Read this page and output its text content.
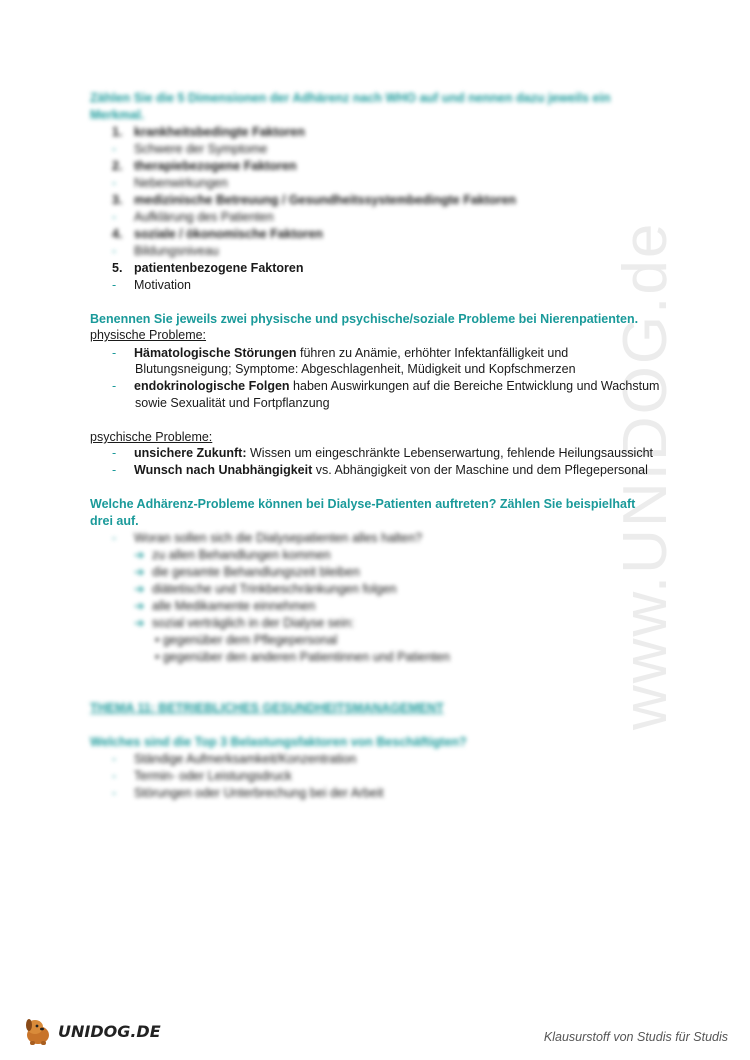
www.UNIDOG.de
Zählen Sie die 5 Dimensionen der Adhärenz nach WHO auf und nennen dazu jeweils ein
Merkmal.
1. krankheitsbedingte Faktoren
- Schwere der Symptome
2. therapiebezogene Faktoren
- Nebenwirkungen
3. medizinische Betreuung / Gesundheitssystembedingte Faktoren
- Aufklärung des Patienten
4. soziale / ökonomische Faktoren
- Bildungsniveau
5. patientenbezogene Faktoren
- Motivation
Benennen Sie jeweils zwei physische und psychische/soziale Probleme bei Nierenpatienten.
physische Probleme:
- Hämatologische Störungen führen zu Anämie, erhöhter Infektanfälligkeit und
Blutungsneigung; Symptome: Abgeschlagenheit, Müdigkeit und Kopfschmerzen
- endokrinologische Folgen haben Auswirkungen auf die Bereiche Entwicklung und Wachstum
sowie Sexualität und Fortpflanzung
psychische Probleme:
- unsichere Zukunft: Wissen um eingeschränkte Lebenserwartung, fehlende Heilungsaussicht
- Wunsch nach Unabhängigkeit vs. Abhängigkeit von der Maschine und dem Pflegepersonal
Welche Adhärenz-Probleme können bei Dialyse-Patienten auftreten? Zählen Sie beispielhaft
drei auf.
- Woran sollen sich die Dialysepatienten alles halten?
➔ zu allen Behandlungen kommen
➔ die gesamte Behandlungszeit bleiben
➔ diätetische und Trinkbeschränkungen folgen
➔ alle Medikamente einnehmen
➔ sozial verträglich in der Dialyse sein:
• gegenüber dem Pflegepersonal
• gegenüber den anderen Patientinnen und Patienten
THEMA 11: BETRIEBLICHES GESUNDHEITSMANAGEMENT
Welches sind die Top 3 Belastungsfaktoren von Beschäftigten?
- Ständige Aufmerksamkeit/Konzentration
- Termin- oder Leistungsdruck
- Störungen oder Unterbrechung bei der Arbeit
UNIDOG.DE	Klausurstoff von Studis für Studis
